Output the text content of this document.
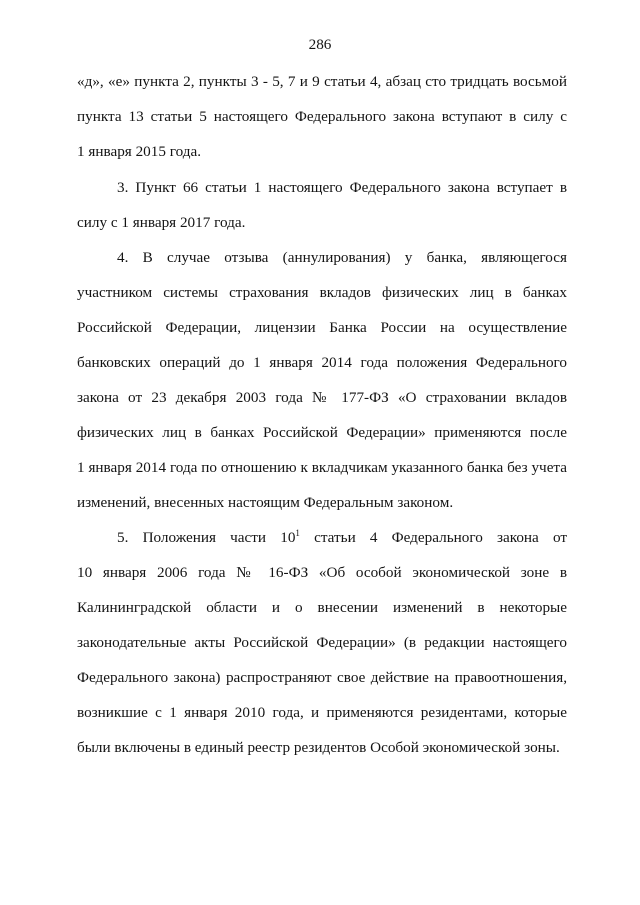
286
«д», «е» пункта 2, пункты 3 - 5, 7 и 9 статьи 4, абзац сто тридцать восьмой
пункта 13 статьи 5 настоящего Федерального закона вступают в силу с
1 января 2015 года.
3. Пункт 66 статьи 1 настоящего Федерального закона вступает в
силу с 1 января 2017 года.
4. В случае отзыва (аннулирования) у банка, являющегося
участником системы страхования вкладов физических лиц в банках
Российской Федерации, лицензии Банка России на осуществление
банковских операций до 1 января 2014 года положения Федерального
закона от 23 декабря 2003 года № 177-ФЗ «О страховании вкладов
физических лиц в банках Российской Федерации» применяются после
1 января 2014 года по отношению к вкладчикам указанного банка без учета
изменений, внесенных настоящим Федеральным законом.
5. Положения части $10^1$ статьи 4 Федерального закона от
10 января 2006 года № 16-ФЗ «Об особой экономической зоне в
Калининградской области и о внесении изменений в некоторые
законодательные акты Российской Федерации» (в редакции настоящего
Федерального закона) распространяют свое действие на правоотношения,
возникшие с 1 января 2010 года, и применяются резидентами, которые
были включены в единый реестр резидентов Особой экономической зоны.
